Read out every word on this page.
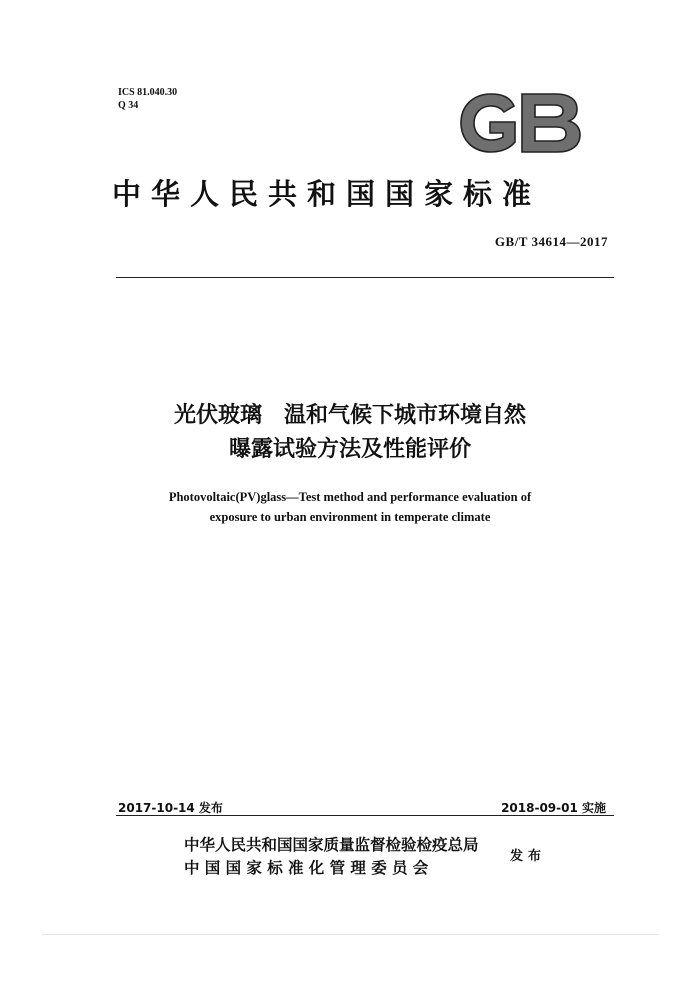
ICS 81.040.30
Q 34
中华人民共和国国家标准
GB/T 34614—2017
光伏玻璃　温和气候下城市环境自然
曝露试验方法及性能评价
Photovoltaic(PV)glass—Test method and performance evaluation of
exposure to urban environment in temperate climate
2017-10-14 发布	2018-09-01 实施
中华人民共和国国家质量监督检验检疫总局
中国国家标准化管理委员会
发布
